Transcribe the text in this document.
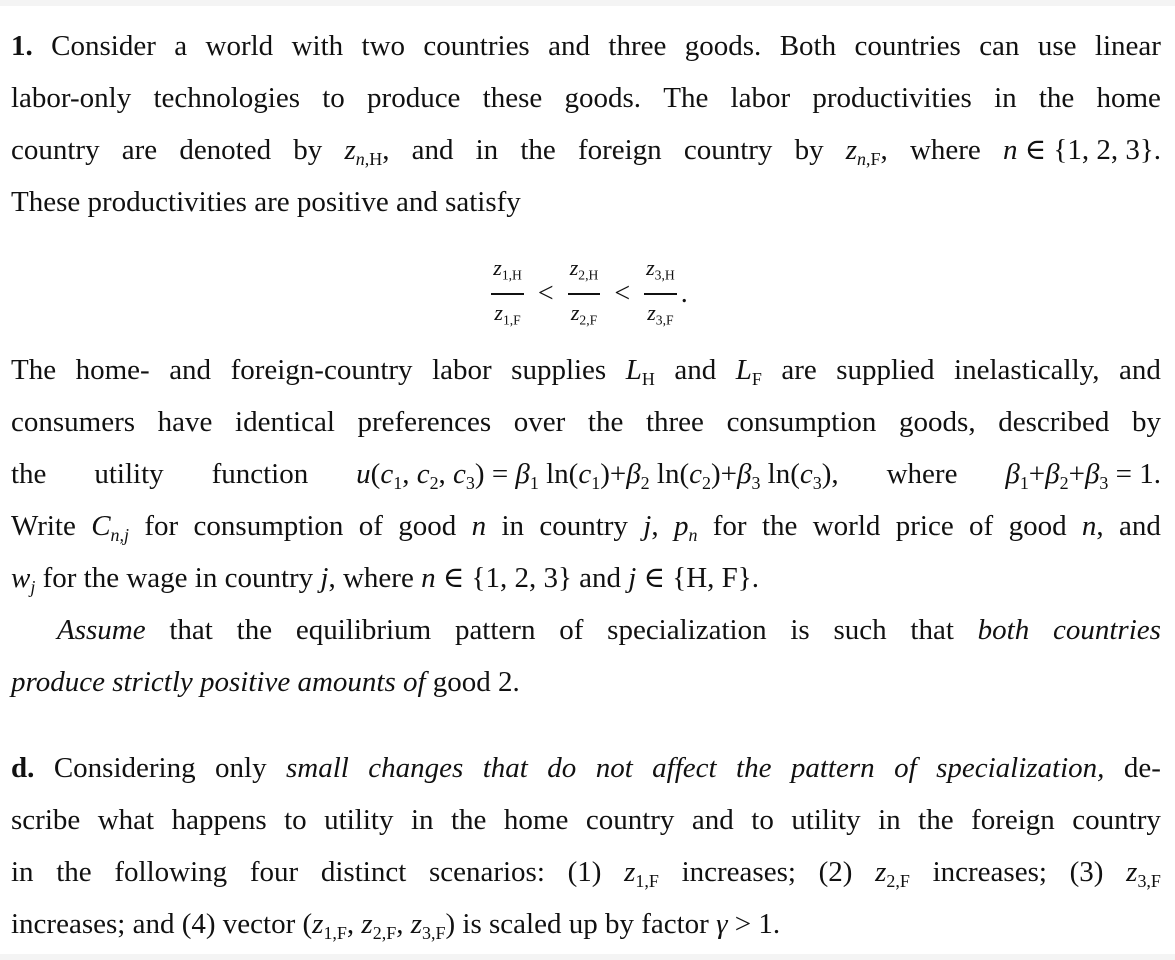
1. Consider a world with two countries and three goods. Both countries can use linear
labor-only technologies to produce these goods. The labor productivities in the home
country are denoted by $zn_{,H}$, and in the foreign country by $zn_{,F}$, where n ∈ {1, 2, 3}.
These productivities are positive and satisfy
$\frac{z_{1,H}}{z_{1,F}} < \frac{z_{2,H}}{z_{2,F}} < \frac{z_{3,H}}{z_{3,F}}$ .
The home- and foreign-country labor supplies $L_H$ and $L_F$ are supplied inelastically, and
consumers have identical preferences over the three consumption goods, described by
the utility function $u(c_1$, $c_2$, $c_3) = \beta_1$ $\ln(c_1)+\beta_2$ $\ln(c_2)+\beta_3$ $\ln(c_3)$, where $\beta_1+\beta_2+\beta_3 = 1$.
Write Cn,j for consumption of good n in country j, pn for the world price of good n, and
wj for the wage in country j, where n ∈ {1, 2, 3} and j ∈ {H, F}.
Assume that the equilibrium pattern of specialization is such that both countries
produce strictly positive amounts of good 2.
d. Considering only small changes that do not affect the pattern of specialization, de-
scribe what happens to utility in the home country and to utility in the foreign country
in the following four distinct scenarios: (1) $z_{1,F}$ increases; (2) $z_{2,F}$ increases; (3) $z_{3,F}$
increases; and (4) vector ($z_{1,F}$, $z_{2,F}$, $z_{3,F}$) is scaled up by factor γ > 1.
